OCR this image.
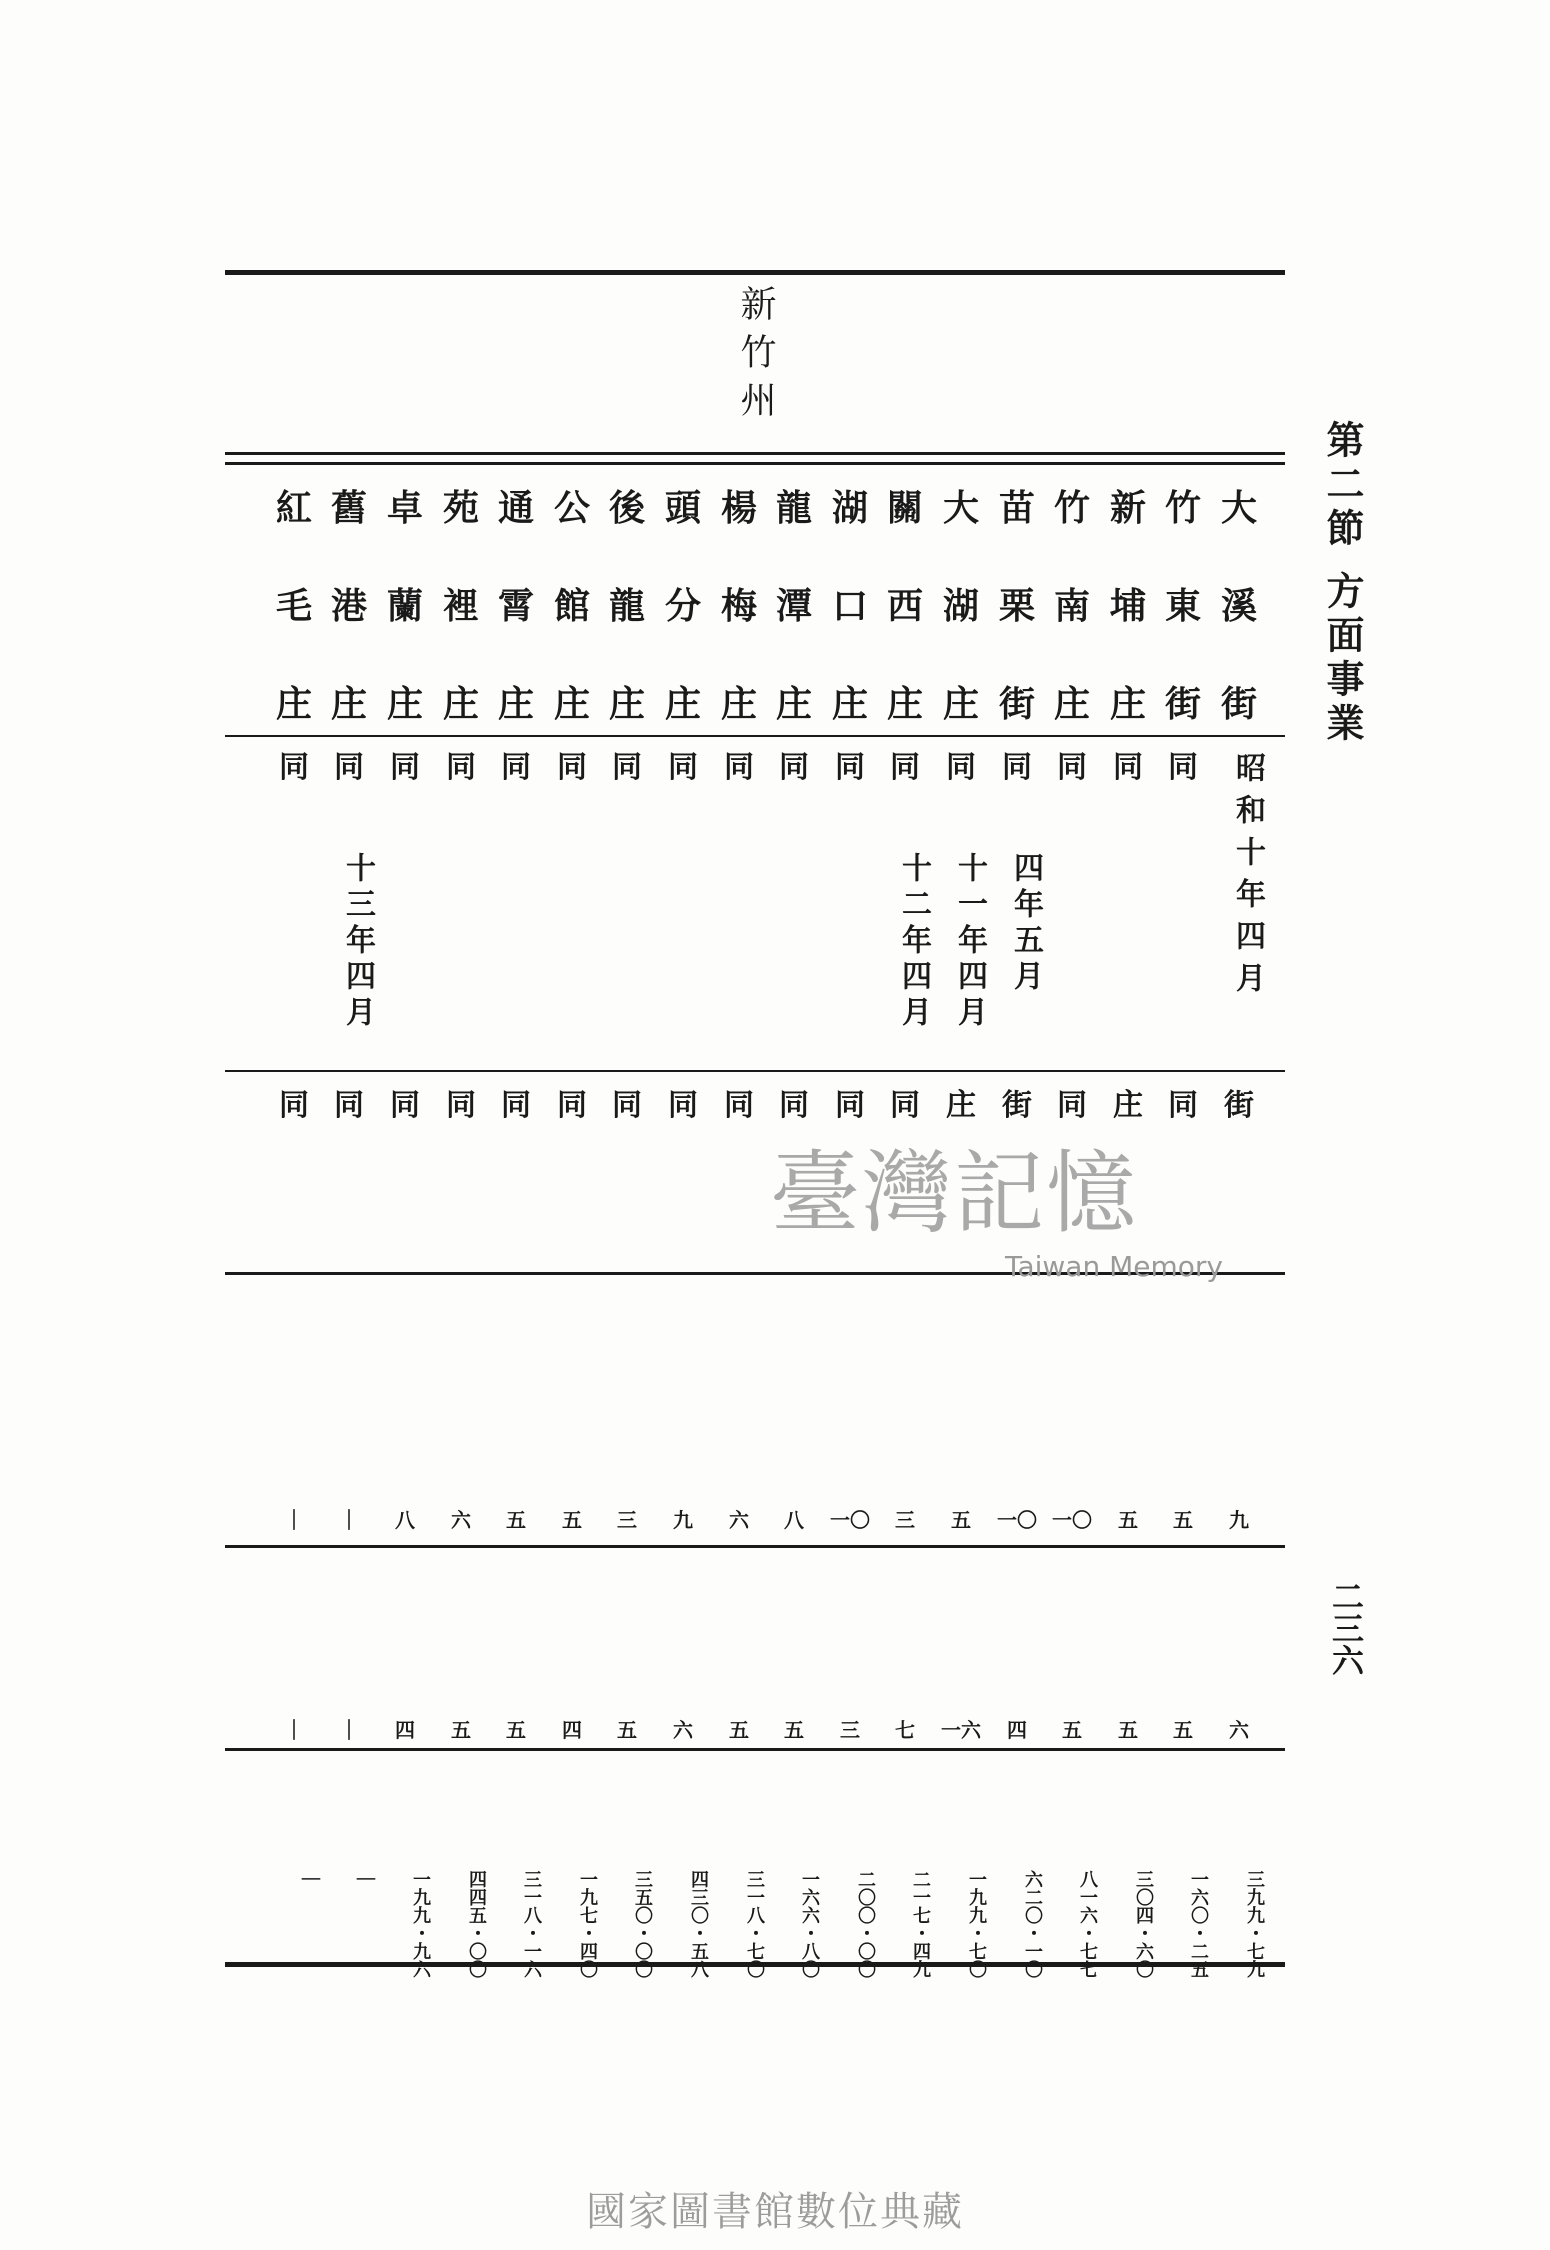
新竹州
第二節 方面事業
二三六
大
溪
街
昭和十年四月
街
九
六
三九九・七九
竹
東
街
同
同
五
五
一六〇・二五
新
埔
庄
同
庄
五
五
三〇四・六〇
竹
南
庄
同
同
一〇
五
八一六・七七
苗
栗
街
同
四年五月
街
一〇
四
六二〇・一〇
大
湖
庄
同
十一年四月
庄
五
一六
一九九・七〇
關
西
庄
同
十二年四月
同
三
七
二一七・四九
湖
口
庄
同
同
一〇
三
二〇〇・〇〇
龍
潭
庄
同
同
八
五
一六六・八〇
楊
梅
庄
同
同
六
五
三一八・七〇
頭
分
庄
同
同
九
六
四三〇・五八
後
龍
庄
同
同
三
五
三五〇・〇〇
公
館
庄
同
同
五
四
一九七・四〇
通
霄
庄
同
同
五
五
三一八・一六
苑
裡
庄
同
同
六
五
四四五・〇〇
卓
蘭
庄
同
同
八
四
一九九・九六
舊
港
庄
同
十三年四月
同
｜
｜
｜
紅
毛
庄
同
同
｜
｜
｜
臺灣記憶
Taiwan Memory
國家圖書館數位典藏
